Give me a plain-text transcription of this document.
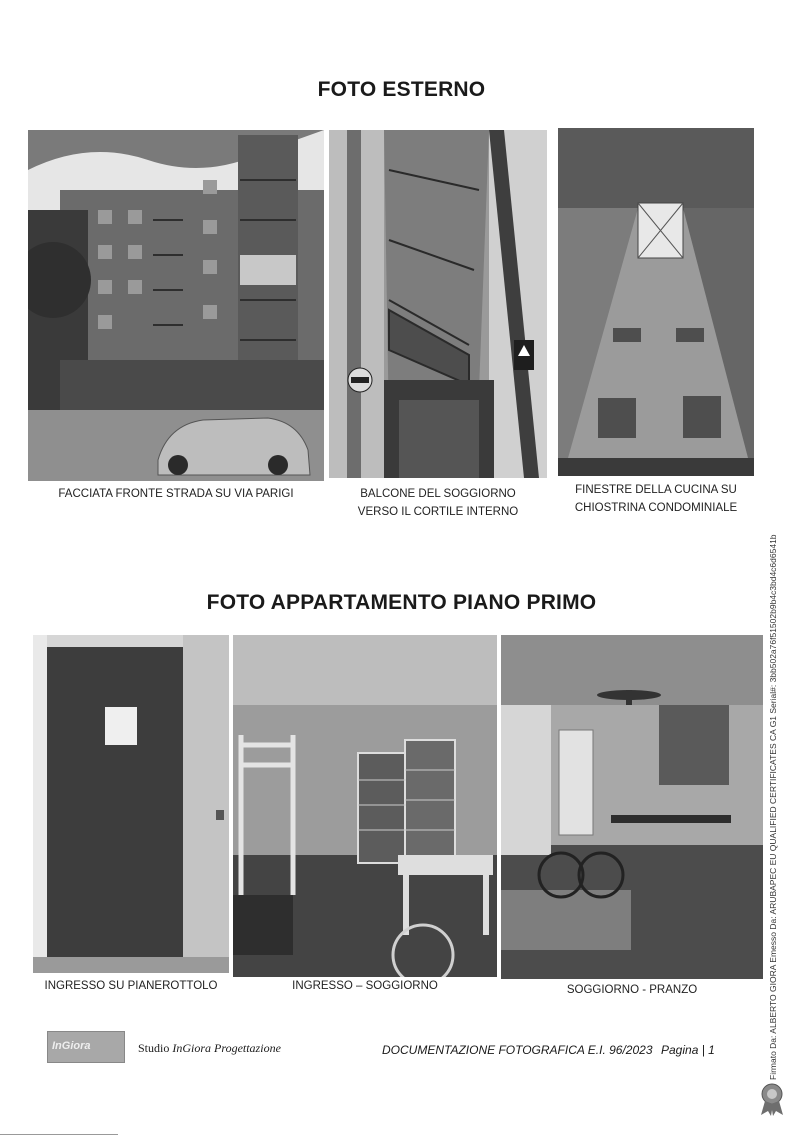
FOTO ESTERNO
FACCIATA FRONTE STRADA SU VIA PARIGI	BALCONE DEL SOGGIORNO
VERSO IL CORTILE INTERNO
FINESTRE DELLA CUCINA SU
CHIOSTRINA CONDOMINIALE
FOTO APPARTAMENTO PIANO PRIMO
INGRESSO SU PIANEROTTOLO	INGRESSO – SOGGIORNO	SOGGIORNO - PRANZO
InGiora	Studio InGiora Progettazione	DOCUMENTAZIONE FOTOGRAFICA E.I. 96/2023 Pagina | 1	Firmato Da: ALBERTO GIORA Emesso Da: ARUBAPEC EU QUALIFIED CERTIFICATES CA G1 Serial#: 3bb502a76f51502b9b4c3bd4c6d6541b
